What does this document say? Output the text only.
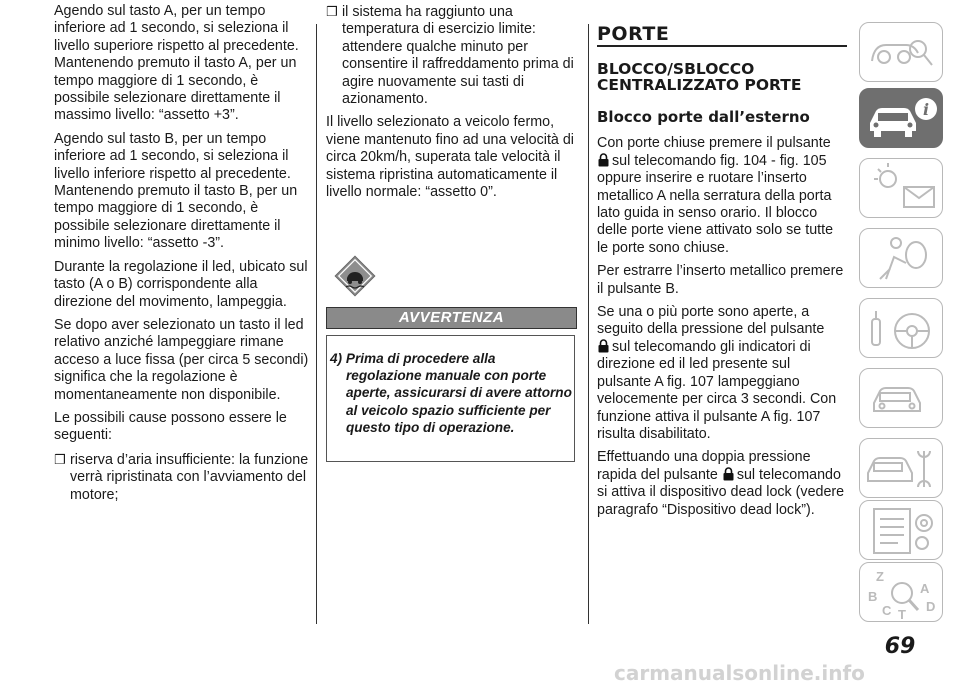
Agendo sul tasto A, per un tempo inferiore ad 1 secondo, si seleziona il livello superiore rispetto al precedente. Mantenendo premuto il tasto A, per un tempo maggiore di 1 secondo, è possibile selezionare direttamente il massimo livello: “assetto +3”.

Agendo sul tasto B, per un tempo inferiore ad 1 secondo, si seleziona il livello inferiore rispetto al precedente. Mantenendo premuto il tasto B, per un tempo maggiore di 1 secondo, è possibile selezionare direttamente il minimo livello: “assetto -3”.

Durante la regolazione il led, ubicato sul tasto (A o B) corrispondente alla direzione del movimento, lampeggia.

Se dopo aver selezionato un tasto il led relativo anziché lampeggiare rimane acceso a luce fissa (per circa 5 secondi) significa che la regolazione è momentaneamente non disponibile.

Le possibili cause possono essere le seguenti:

❒ riserva d’aria insufficiente: la funzione verrà ripristinata con l’avviamento del motore;

❒ il sistema ha raggiunto una temperatura di esercizio limite: attendere qualche minuto per consentire il raffreddamento prima di agire nuovamente sui tasti di azionamento.

Il livello selezionato a veicolo fermo, viene mantenuto fino ad una velocità di circa 20km/h, superata tale velocità il sistema ripristina automaticamente il livello normale: “assetto 0”.

AVVERTENZA
4) Prima di procedere alla
regolazione manuale con porte aperte, assicurarsi di avere attorno al veicolo spazio sufficiente per questo tipo di operazione.
PORTE
BLOCCO/SBLOCCO CENTRALIZZATO PORTE
Blocco porte dall’esterno

Con porte chiuse premere il pulsante
sul telecomando fig. 104 - fig. 105 oppure inserire e ruotare l’inserto metallico A nella serratura della porta lato guida in senso orario. Il blocco delle porte viene attivato solo se tutte le porte sono chiuse.

Per estrarre l’inserto metallico premere il pulsante B.

Se una o più porte sono aperte, a seguito della pressione del pulsante
sul telecomando gli indicatori di direzione ed il led presente sul pulsante A fig. 107 lampeggiano velocemente per circa 3 secondi. Con funzione attiva il pulsante A fig. 107 risulta disabilitato.

Effettuando una doppia pressione rapida del pulsante sul telecomando si attiva il dispositivo dead lock (vedere paragrafo “Dispositivo dead lock”).

i
Z
A
B
C T
D
69
carmanualsonline.info
